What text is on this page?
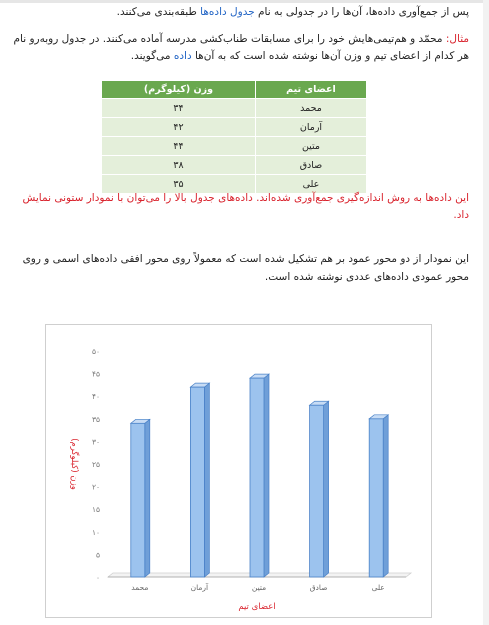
پس از جمع‌آوری داده‌ها، آن‌ها را در جدولی به نام جدول داده‌ها طبقه‌بندی می‌کنند.
مثال: محمّد و هم‌تیمی‌هایش خود را برای مسابقات طناب‌کشی مدرسه آماده می‌کنند. در جدول روبه‌رو نام هر کدام از اعضای تیم و وزن آن‌ها نوشته شده است که به آن‌ها داده می‌گویند.
اعضای تیم	وزن (کیلوگرم)
محمد	۳۴
آرمان	۴۲
متین	۴۴
صادق	۳۸
علی	۳۵
این داده‌ها به روش اندازه‌گیری جمع‌آوری شده‌اند. داده‌های جدول بالا را می‌توان با نمودار ستونی نمایش داد.
این نمودار از دو محور عمود بر هم تشکیل شده است که معمولاً روی محور افقی داده‌های اسمی و روی محور عمودی داده‌های عددی نوشته شده است.
۰
۵
۱۰
۱۵
۲۰
۲۵
۳۰
۳۵
۴۰
۴۵
۵۰
محمد	آرمان	متین	صادق	علی
وزن (کیلوگرم)
اعضای تیم
